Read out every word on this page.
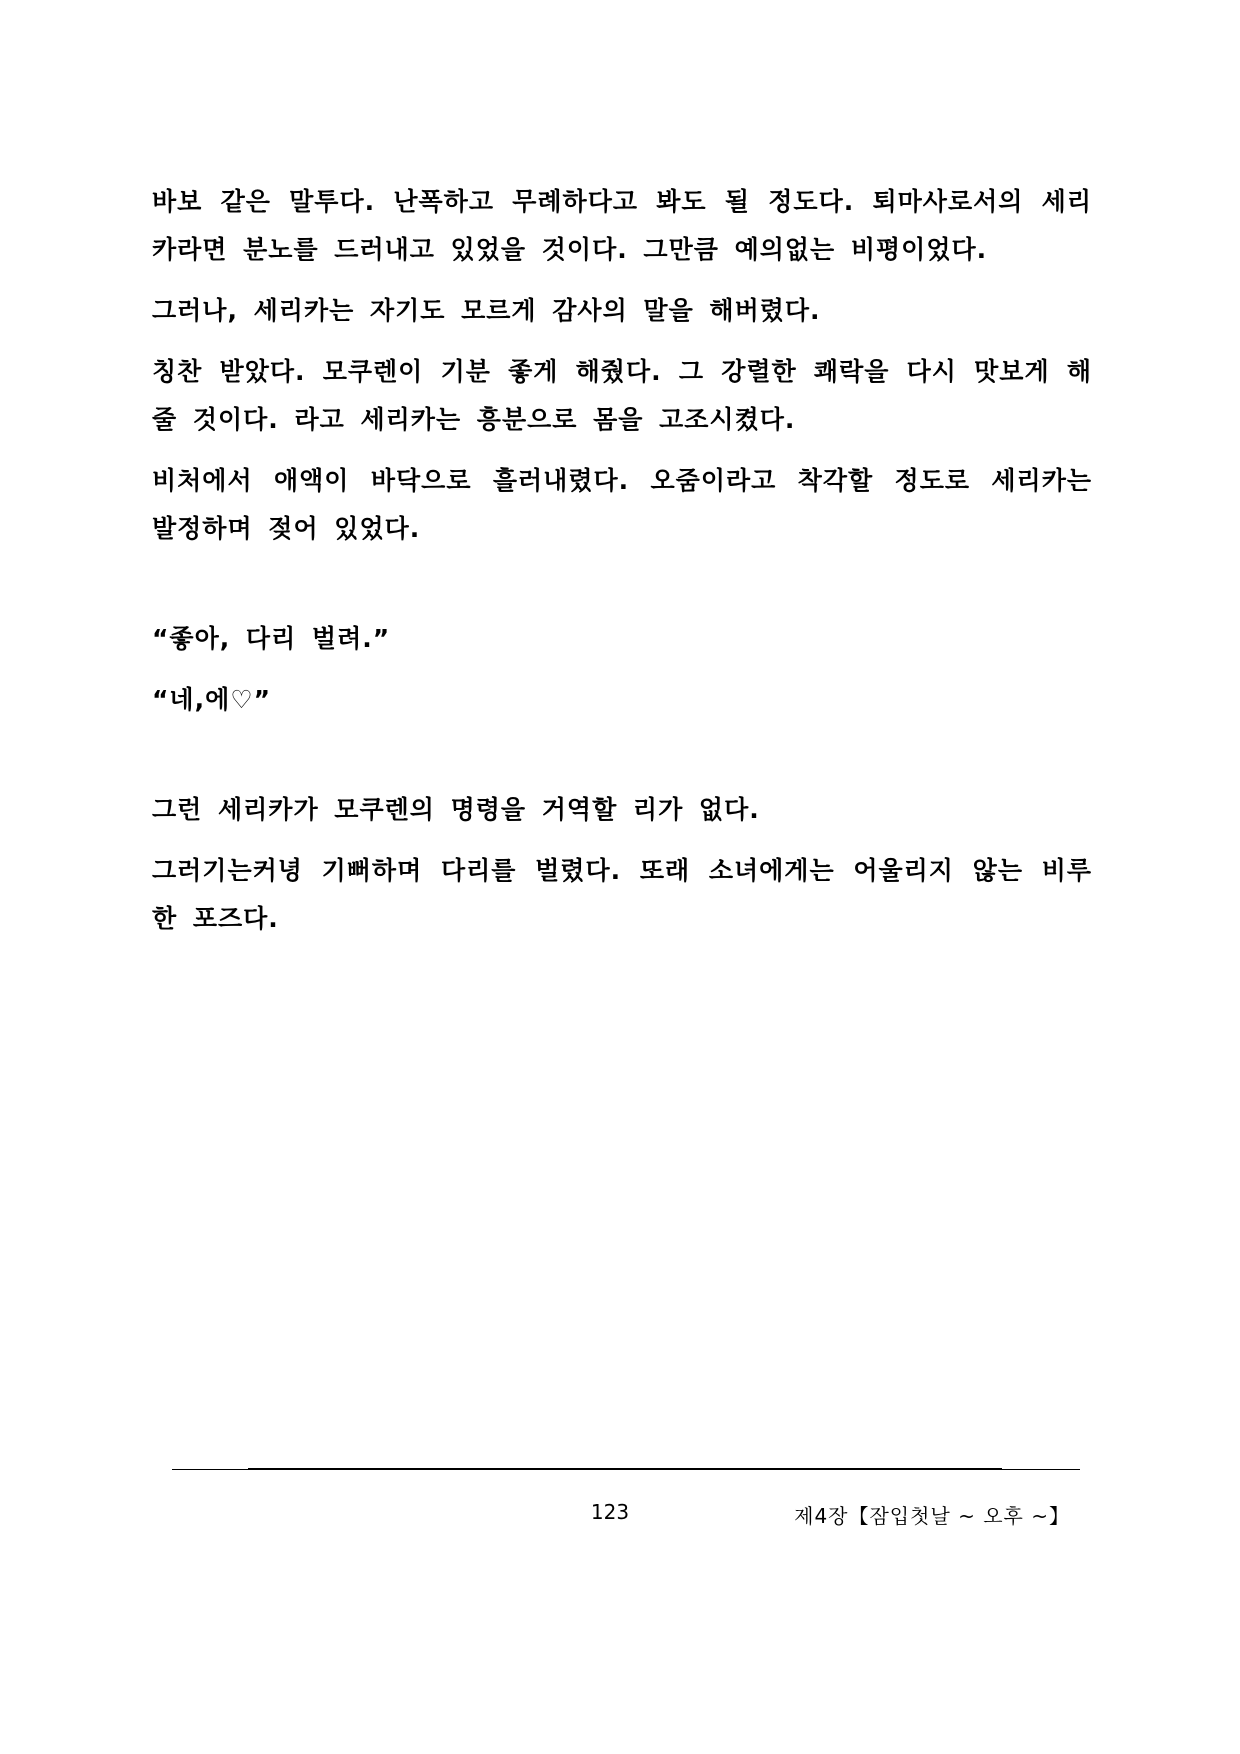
바보 같은 말투다. 난폭하고 무례하다고 봐도 될 정도다. 퇴마사로서의 세리카라면 분노를 드러내고 있었을 것이다. 그만큼 예의없는 비평이었다.

그러나, 세리카는 자기도 모르게 감사의 말을 해버렸다.

칭찬 받았다. 모쿠렌이 기분 좋게 해줬다. 그 강렬한 쾌락을 다시 맛보게 해줄 것이다. 라고 세리카는 흥분으로 몸을 고조시켰다.

비처에서 애액이 바닥으로 흘러내렸다. 오줌이라고 착각할 정도로 세리카는 발정하며 젖어 있었다.

“좋아, 다리 벌려.”

“네,에♡”

그런 세리카가 모쿠렌의 명령을 거역할 리가 없다.

그러기는커녕 기뻐하며 다리를 벌렸다. 또래 소녀에게는 어울리지 않는 비루한 포즈다.

123	제4장【잠입첫날 ~ 오후 ~】
